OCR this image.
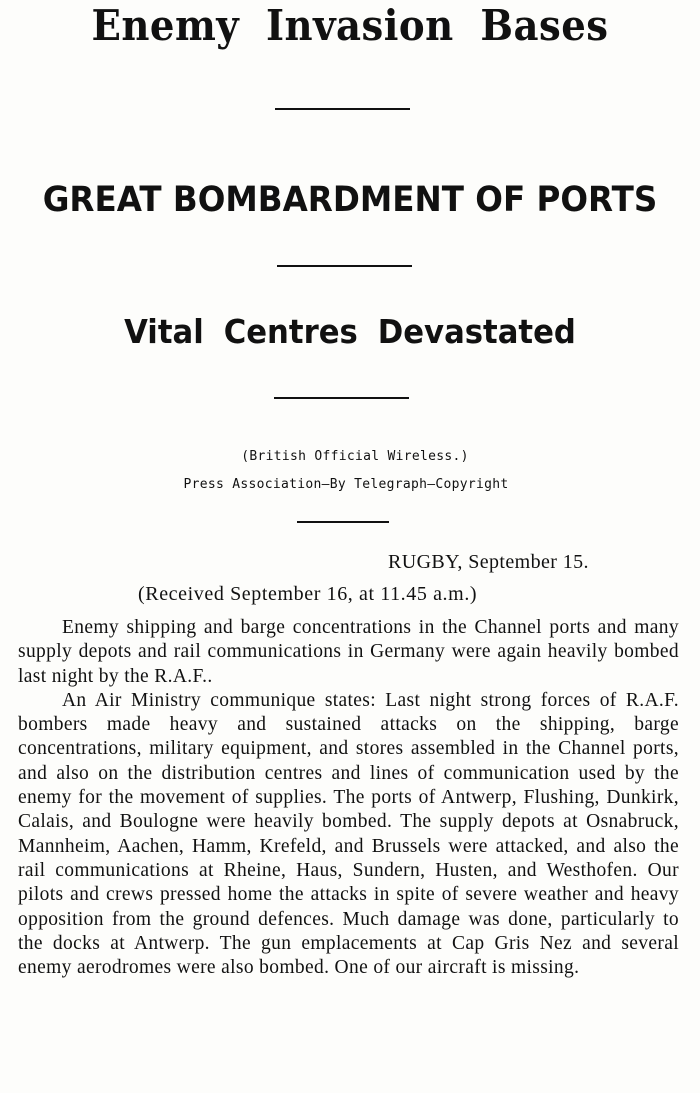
Enemy Invasion Bases
GREAT BOMBARDMENT OF PORTS
Vital Centres Devastated
(British Official Wireless.)
Press Association—By Telegraph—Copyright
RUGBY, September 15.
(Received September 16, at 11.45 a.m.)

Enemy shipping and barge concentrations in the Channel ports and many supply depots and rail communications in Germany were again heavily bombed last night by the R.A.F..

An Air Ministry communique states: Last night strong forces of R.A.F. bombers made heavy and sustained attacks on the shipping, barge concentrations, military equipment, and stores assembled in the Channel ports, and also on the distribution centres and lines of communication used by the enemy for the movement of supplies. The ports of Antwerp, Flushing, Dunkirk, Calais, and Boulogne were heavily bombed. The supply depots at Osnabruck, Mannheim, Aachen, Hamm, Krefeld, and Brussels were attacked, and also the rail communications at Rheine, Haus, Sundern, Husten, and Westhofen. Our pilots and crews pressed home the attacks in spite of severe weather and heavy opposition from the ground defences. Much damage was done, particularly to the docks at Antwerp. The gun emplacements at Cap Gris Nez and several enemy aerodromes were also bombed. One of our aircraft is missing.
